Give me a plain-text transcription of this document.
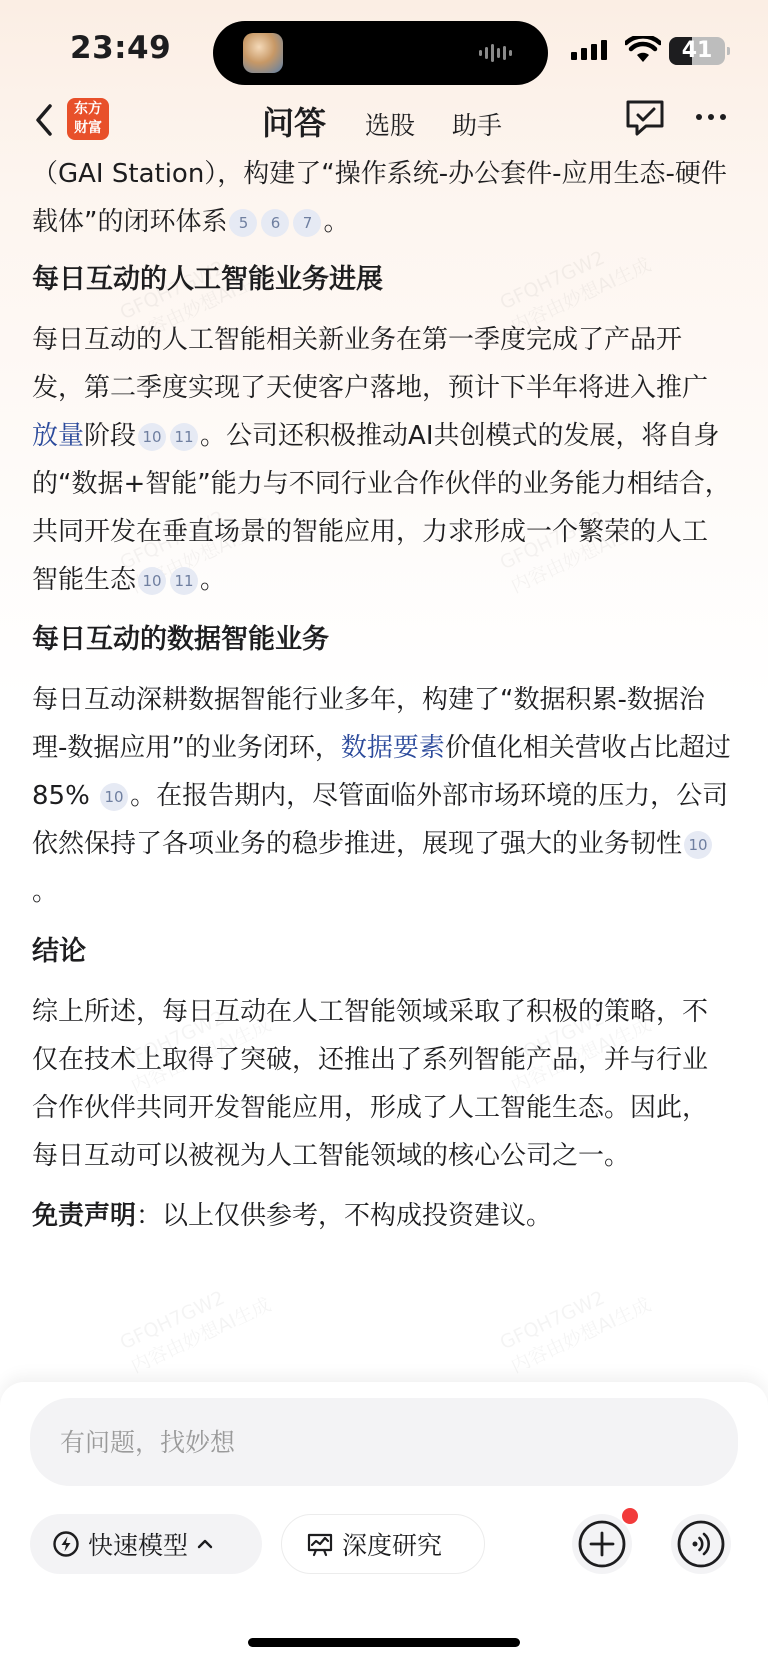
23:49	41
东方
财富	问答 选股 助手

（GAI Station），构建了“操作系统-办公套件-应用生态-硬件载体”的闭环体系 5 6 7 。

每日互动的人工智能业务进展

每日互动的人工智能相关新业务在第一季度完成了产品开发，第二季度实现了天使客户落地，预计下半年将进入推广放量阶段 10 11 。公司还积极推动AI共创模式的发展，将自身的“数据+智能”能力与不同行业合作伙伴的业务能力相结合，共同开发在垂直场景的智能应用，力求形成一个繁荣的人工智能生态 10 11 。

每日互动的数据智能业务

每日互动深耕数据智能行业多年，构建了“数据积累-数据治理-数据应用”的业务闭环，数据要素价值化相关营收占比超过85% 10 。在报告期内，尽管面临外部市场环境的压力，公司依然保持了各项业务的稳步推进，展现了强大的业务韧性 10。

结论

综上所述，每日互动在人工智能领域采取了积极的策略，不仅在技术上取得了突破，还推出了系列智能产品，并与行业合作伙伴共同开发智能应用，形成了人工智能生态。因此，每日互动可以被视为人工智能领域的核心公司之一。

免责声明：以上仅供参考，不构成投资建议。

有问题，找妙想
快速模型	深度研究
